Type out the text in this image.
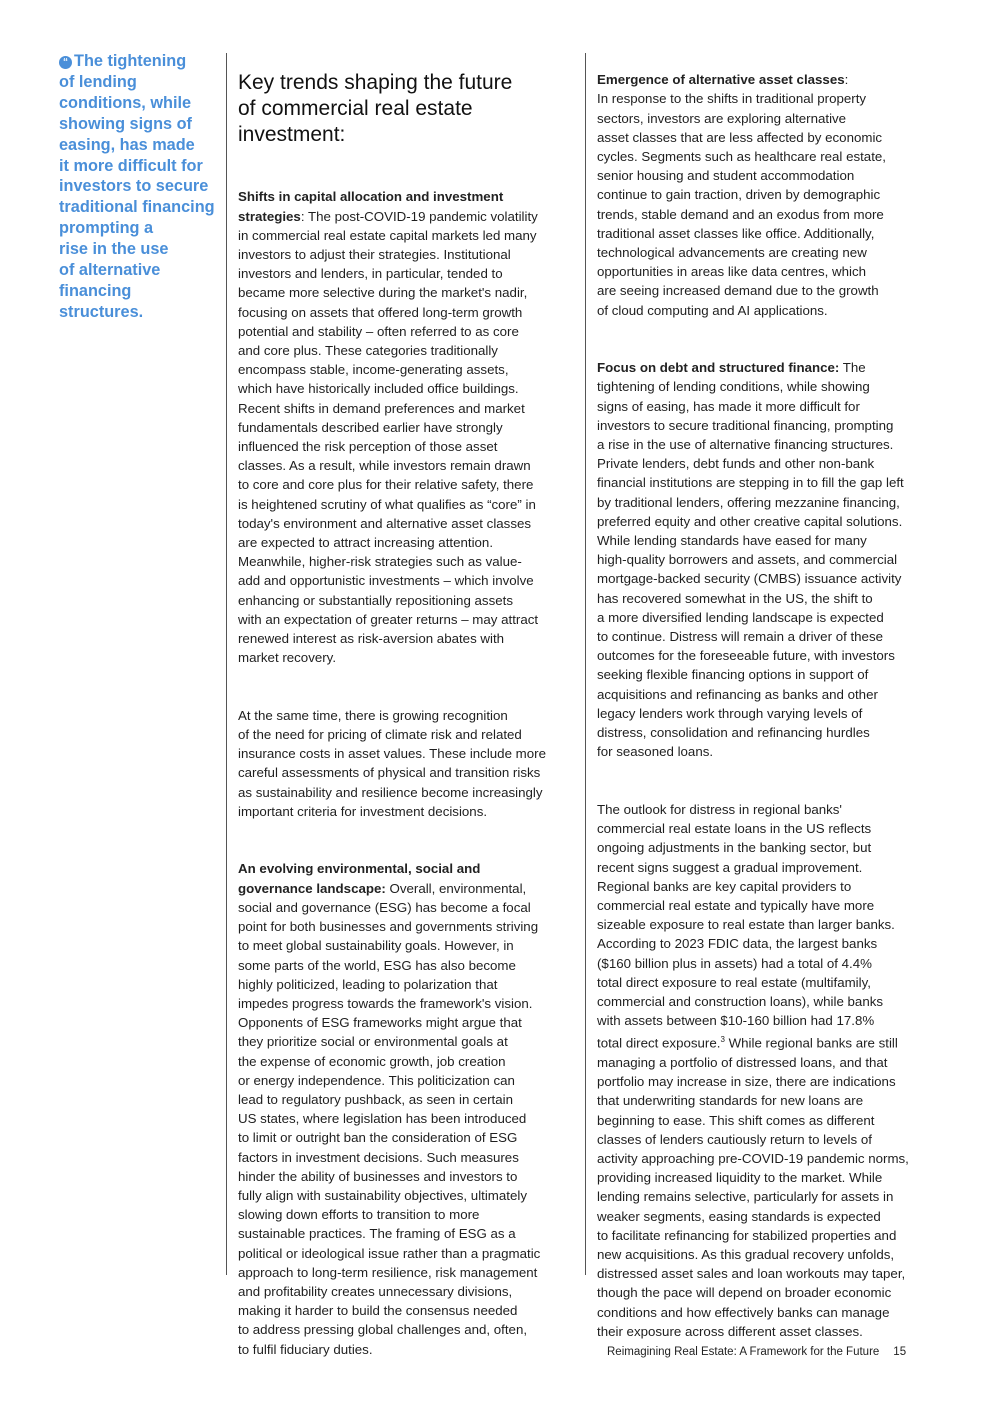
“ The tightening
of lending
conditions, while
showing signs of
easing, has made
it more difficult for
investors to secure
traditional financing
prompting a
rise in the use
of alternative
financing
structures.

Key trends shaping the future
of commercial real estate
investment:

Shifts in capital allocation and investment
strategies: The post-COVID-19 pandemic volatility
in commercial real estate capital markets led many
investors to adjust their strategies. Institutional
investors and lenders, in particular, tended to
became more selective during the market's nadir,
focusing on assets that offered long-term growth
potential and stability – often referred to as core
and core plus. These categories traditionally
encompass stable, income-generating assets,
which have historically included office buildings.
Recent shifts in demand preferences and market
fundamentals described earlier have strongly
influenced the risk perception of those asset
classes. As a result, while investors remain drawn
to core and core plus for their relative safety, there
is heightened scrutiny of what qualifies as “core” in
today's environment and alternative asset classes
are expected to attract increasing attention.
Meanwhile, higher-risk strategies such as value-
add and opportunistic investments – which involve
enhancing or substantially repositioning assets
with an expectation of greater returns – may attract
renewed interest as risk-aversion abates with
market recovery.

At the same time, there is growing recognition
of the need for pricing of climate risk and related
insurance costs in asset values. These include more
careful assessments of physical and transition risks
as sustainability and resilience become increasingly
important criteria for investment decisions.

An evolving environmental, social and
governance landscape: Overall, environmental,
social and governance (ESG) has become a focal
point for both businesses and governments striving
to meet global sustainability goals. However, in
some parts of the world, ESG has also become
highly politicized, leading to polarization that
impedes progress towards the framework's vision.
Opponents of ESG frameworks might argue that
they prioritize social or environmental goals at
the expense of economic growth, job creation
or energy independence. This politicization can
lead to regulatory pushback, as seen in certain
US states, where legislation has been introduced
to limit or outright ban the consideration of ESG
factors in investment decisions. Such measures
hinder the ability of businesses and investors to
fully align with sustainability objectives, ultimately
slowing down efforts to transition to more
sustainable practices. The framing of ESG as a
political or ideological issue rather than a pragmatic
approach to long-term resilience, risk management
and profitability creates unnecessary divisions,
making it harder to build the consensus needed
to address pressing global challenges and, often,
to fulfil fiduciary duties.

Emergence of alternative asset classes:
In response to the shifts in traditional property
sectors, investors are exploring alternative
asset classes that are less affected by economic
cycles. Segments such as healthcare real estate,
senior housing and student accommodation
continue to gain traction, driven by demographic
trends, stable demand and an exodus from more
traditional asset classes like office. Additionally,
technological advancements are creating new
opportunities in areas like data centres, which
are seeing increased demand due to the growth
of cloud computing and AI applications.

Focus on debt and structured finance: The
tightening of lending conditions, while showing
signs of easing, has made it more difficult for
investors to secure traditional financing, prompting
a rise in the use of alternative financing structures.
Private lenders, debt funds and other non-bank
financial institutions are stepping in to fill the gap left
by traditional lenders, offering mezzanine financing,
preferred equity and other creative capital solutions.
While lending standards have eased for many
high-quality borrowers and assets, and commercial
mortgage-backed security (CMBS) issuance activity
has recovered somewhat in the US, the shift to
a more diversified lending landscape is expected
to continue. Distress will remain a driver of these
outcomes for the foreseeable future, with investors
seeking flexible financing options in support of
acquisitions and refinancing as banks and other
legacy lenders work through varying levels of
distress, consolidation and refinancing hurdles
for seasoned loans.

The outlook for distress in regional banks'
commercial real estate loans in the US reflects
ongoing adjustments in the banking sector, but
recent signs suggest a gradual improvement.
Regional banks are key capital providers to
commercial real estate and typically have more
sizeable exposure to real estate than larger banks.
According to 2023 FDIC data, the largest banks
($160 billion plus in assets) had a total of 4.4%
total direct exposure to real estate (multifamily,
commercial and construction loans), while banks
with assets between $10-160 billion had 17.8%
total direct exposure.$^3$ While regional banks are still
managing a portfolio of distressed loans, and that
portfolio may increase in size, there are indications
that underwriting standards for new loans are
beginning to ease. This shift comes as different
classes of lenders cautiously return to levels of
activity approaching pre-COVID-19 pandemic norms,
providing increased liquidity to the market. While
lending remains selective, particularly for assets in
weaker segments, easing standards is expected
to facilitate refinancing for stabilized properties and
new acquisitions. As this gradual recovery unfolds,
distressed asset sales and loan workouts may taper,
though the pace will depend on broader economic
conditions and how effectively banks can manage
their exposure across different asset classes.

Reimagining Real Estate: A Framework for the Future 15
